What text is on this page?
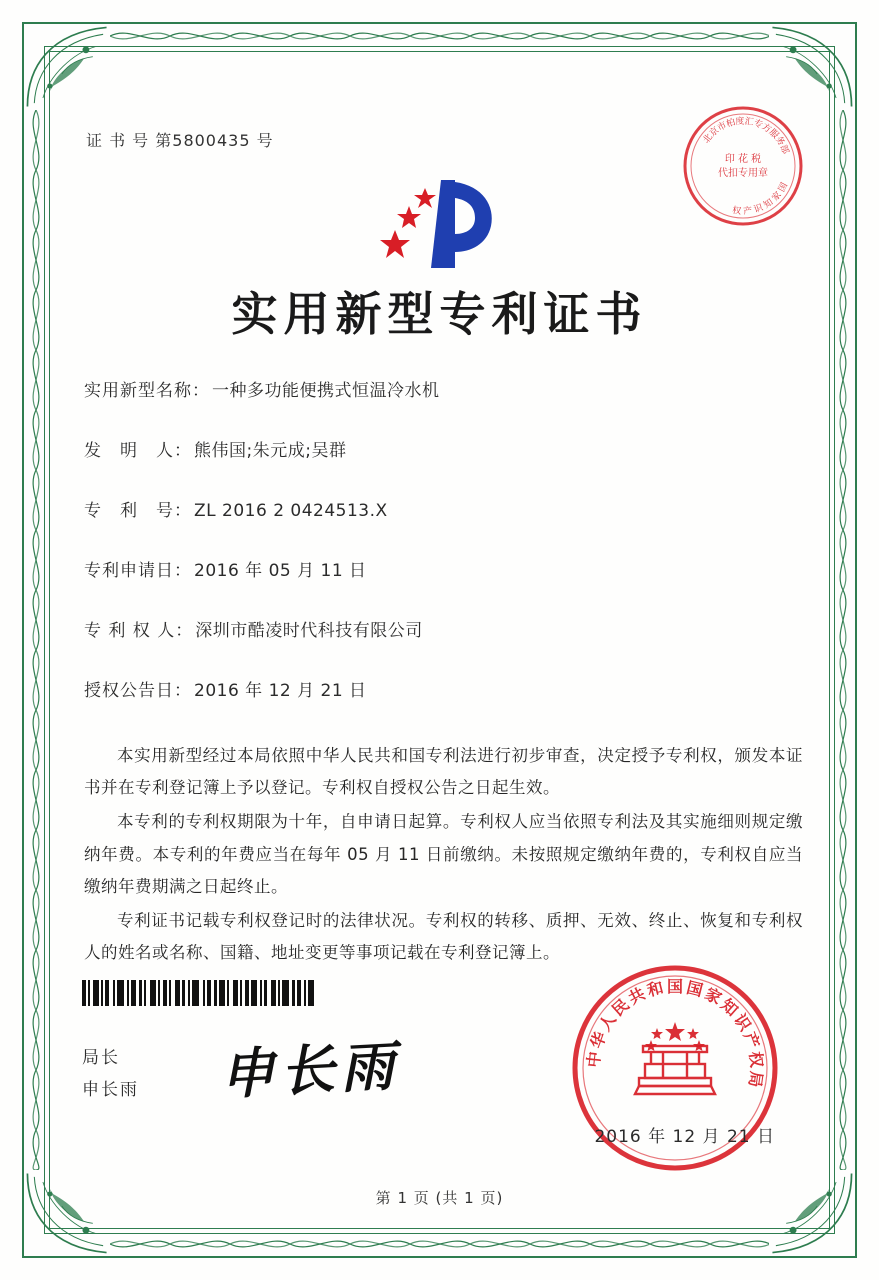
证 书 号 第5800435 号	北
京
市
柏
度 汇
专
方
服
务
部
国
家
知
识
产
权
印 花 税
代扣专用章
实用新型专利证书
实用新型名称： 一种多功能便携式恒温冷水机
发　明　人： 熊伟国;朱元成;吴群
专　利　号： ZL 2016 2 0424513.X
专利申请日： 2016 年 05 月 11 日
专 利 权 人： 深圳市酷凌时代科技有限公司
授权公告日： 2016 年 12 月 21 日

本实用新型经过本局依照中华人民共和国专利法进行初步审查，决定授予专利权，颁发本证书并在专利登记簿上予以登记。专利权自授权公告之日起生效。

本专利的专利权期限为十年，自申请日起算。专利权人应当依照专利法及其实施细则规定缴纳年费。本专利的年费应当在每年 05 月 11 日前缴纳。未按照规定缴纳年费的，专利权自应当缴纳年费期满之日起终止。

专利证书记载专利权登记时的法律状况。专利权的转移、质押、无效、终止、恢复和专利权人的姓名或名称、国籍、地址变更等事项记载在专利登记簿上。

局长
申长雨 申长雨	中
华
人
民
共
和 国 国
家
知
识
产
权
局
2016 年 12 月 21 日
第 1 页 (共 1 页)
